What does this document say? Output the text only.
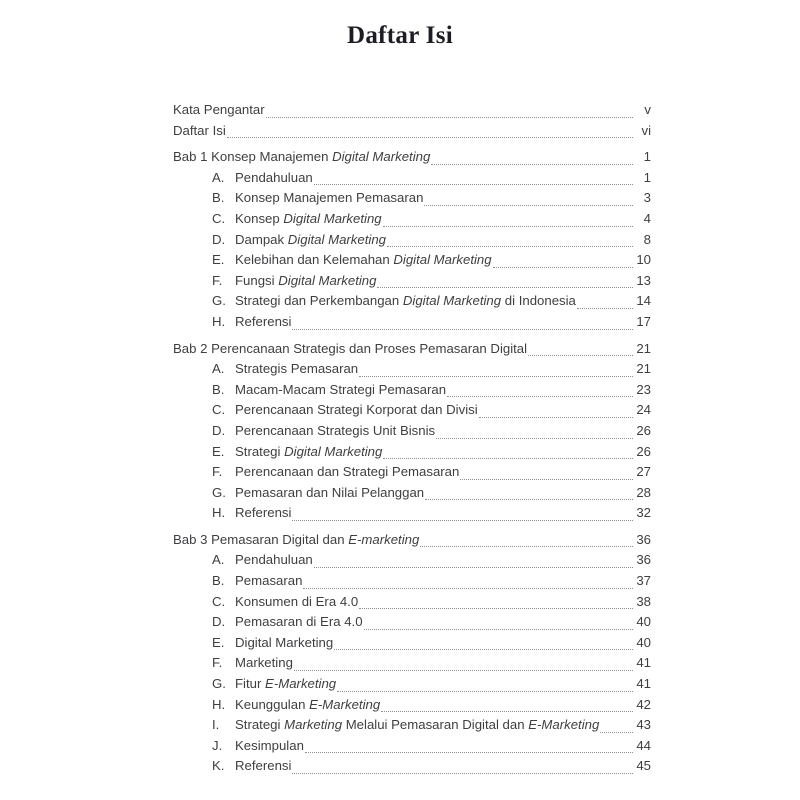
Daftar Isi
Kata Pengantar	v
Daftar Isi	vi
Bab 1 Konsep Manajemen Digital Marketing	1
A. Pendahuluan	1
B. Konsep Manajemen Pemasaran	3
C. Konsep Digital Marketing	4
D. Dampak Digital Marketing	8
E. Kelebihan dan Kelemahan Digital Marketing	10
F. Fungsi Digital Marketing	13
G. Strategi dan Perkembangan Digital Marketing di Indonesia	14
H. Referensi	17
Bab 2 Perencanaan Strategis dan Proses Pemasaran Digital	21
A. Strategis Pemasaran	21
B. Macam-Macam Strategi Pemasaran	23
C. Perencanaan Strategi Korporat dan Divisi	24
D. Perencanaan Strategis Unit Bisnis	26
E. Strategi Digital Marketing	26
F. Perencanaan dan Strategi Pemasaran	27
G. Pemasaran dan Nilai Pelanggan	28
H. Referensi	32
Bab 3 Pemasaran Digital dan E-marketing	36
A. Pendahuluan	36
B. Pemasaran	37
C. Konsumen di Era 4.0	38
D. Pemasaran di Era 4.0	40
E. Digital Marketing	40
F. Marketing	41
G. Fitur E-Marketing	41
H. Keunggulan E-Marketing	42
I.	Strategi Marketing Melalui Pemasaran Digital dan E-Marketing	43
J. Kesimpulan	44
K. Referensi	45
